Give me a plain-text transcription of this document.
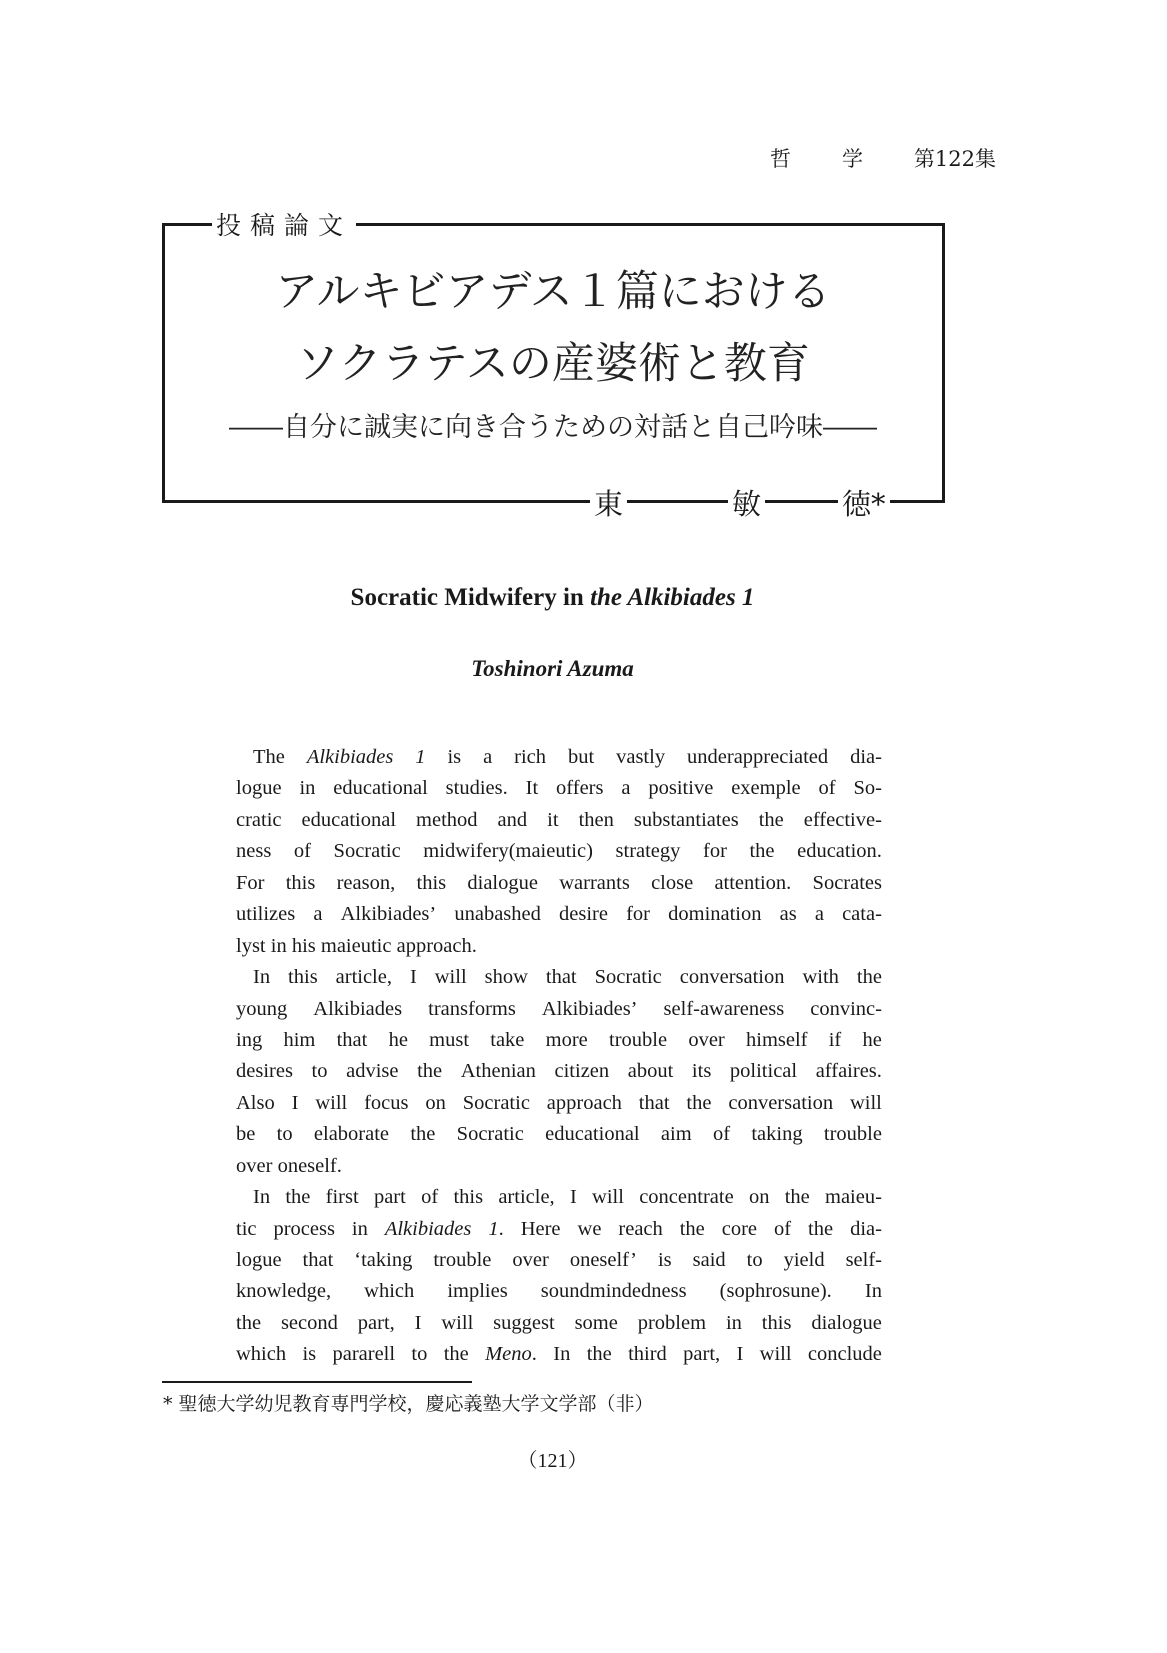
哲 学 第122集
投稿論文
アルキビアデス１篇における
ソクラテスの産婆術と教育
――自分に誠実に向き合うための対話と自己吟味――
東	敏	徳*
Socratic Midwifery in the Alkibiades 1
Toshinori Azuma
The Alkibiades 1 is a rich but vastly underappreciated dia-
logue in educational studies. It offers a positive exemple of So-
cratic educational method and it then substantiates the effective-
ness of Socratic midwifery(maieutic) strategy for the education.
For this reason, this dialogue warrants close attention. Socrates
utilizes a Alkibiades’ unabashed desire for domination as a cata-
lyst
in
his
maieutic
approach.
In this article, I will show that Socratic conversation with the
young Alkibiades transforms Alkibiades’ self-awareness convinc-
ing him that he must take more trouble over himself if he
desires to advise the Athenian citizen about its political affaires.
Also I will focus on Socratic approach that the conversation will
be to elaborate the Socratic educational aim of taking trouble
over
oneself.
In the first part of this article, I will concentrate on the maieu-
tic process in Alkibiades 1. Here we reach the core of the dia-
logue that ‘taking trouble over oneself’ is said to yield self-
knowledge, which implies soundmindedness (sophrosune). In
the second part, I will suggest some problem in this dialogue
which is pararell to the Meno. In the third part, I will conclude
* 聖徳大学幼児教育専門学校，慶応義塾大学文学部（非）
（121）
